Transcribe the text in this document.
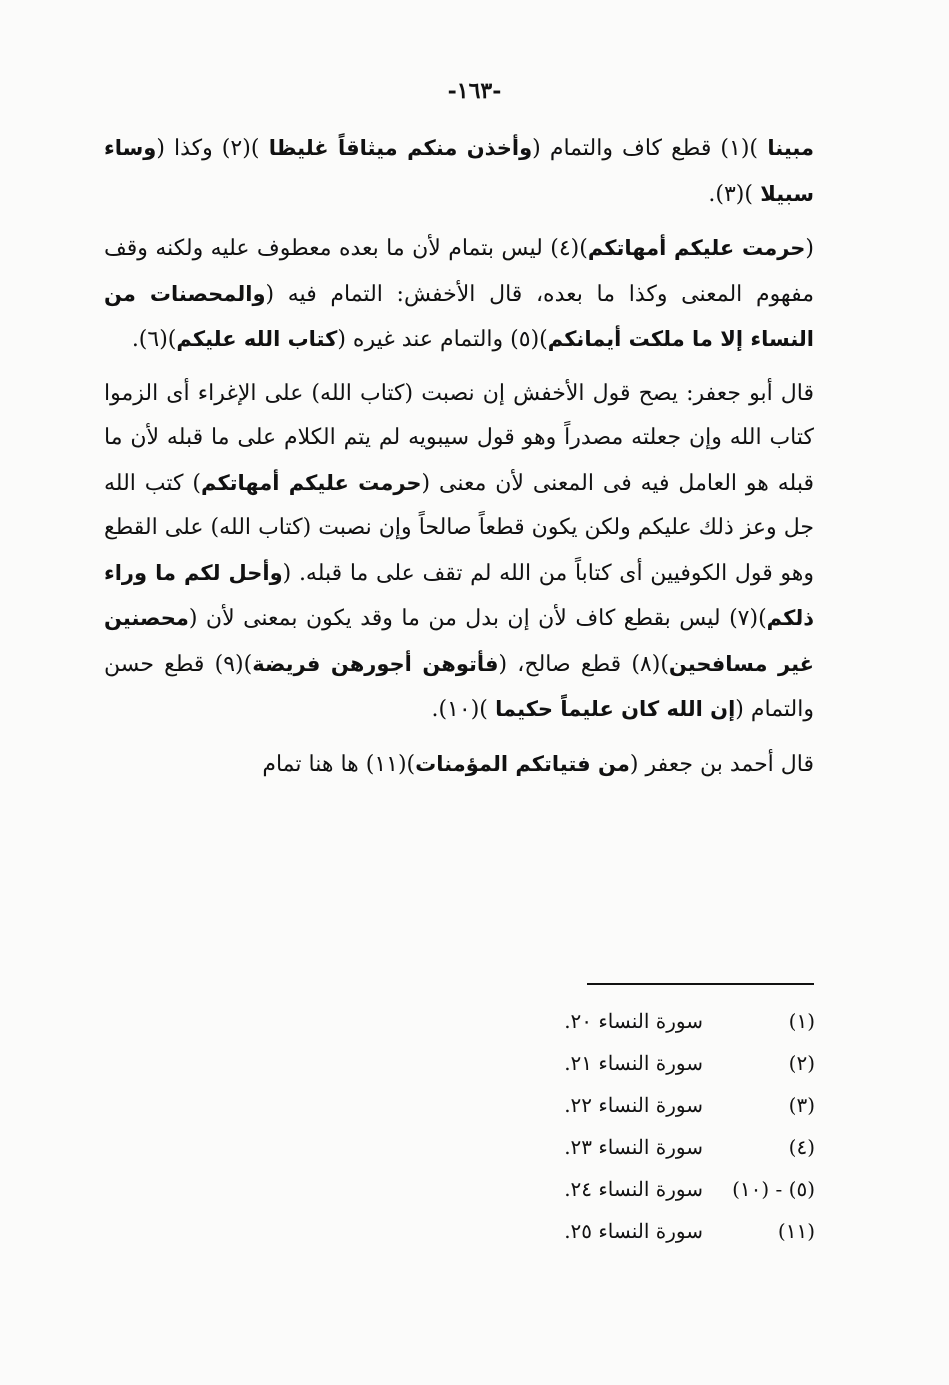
-١٦٣-

مبينا )(١) قطع كاف والتمام (وأخذن منكم ميثاقاً غليظا )(٢) وكذا (وساء سبيلا )(٣).

(حرمت عليكم أمهاتكم)(٤) ليس بتمام لأن ما بعده معطوف عليه ولكنه وقف مفهوم المعنى وكذا ما بعده، قال الأخفش: التمام فيه (والمحصنات من النساء إلا ما ملكت أيمانكم)(٥) والتمام عند غيره (كتاب الله عليكم)(٦).

قال أبو جعفر: يصح قول الأخفش إن نصبت (كتاب الله) على الإغراء أى الزموا كتاب الله وإن جعلته مصدراً وهو قول سيبويه لم يتم الكلام على ما قبله لأن ما قبله هو العامل فيه فى المعنى لأن معنى (حرمت عليكم أمهاتكم) كتب الله جل وعز ذلك عليكم ولكن يكون قطعاً صالحاً وإن نصبت (كتاب الله) على القطع وهو قول الكوفيين أى كتاباً من الله لم تقف على ما قبله. (وأحل لكم ما وراء ذلكم)(٧) ليس بقطع كاف لأن إن بدل من ما وقد يكون بمعنى لأن (محصنين غير مسافحين)(٨) قطع صالح، (فأتوهن أجورهن فريضة)(٩) قطع حسن والتمام (إن الله كان عليماً حكيما )(١٠).

قال أحمد بن جعفر (من فتياتكم المؤمنات)(١١) ها هنا تمام

(١)
سورة النساء ٢٠.
(٢)
سورة النساء ٢١.
(٣)
سورة النساء ٢٢.
(٤)
سورة النساء ٢٣.
(٥) - (١٠)
سورة النساء ٢٤.
(١١)
سورة النساء ٢٥.
